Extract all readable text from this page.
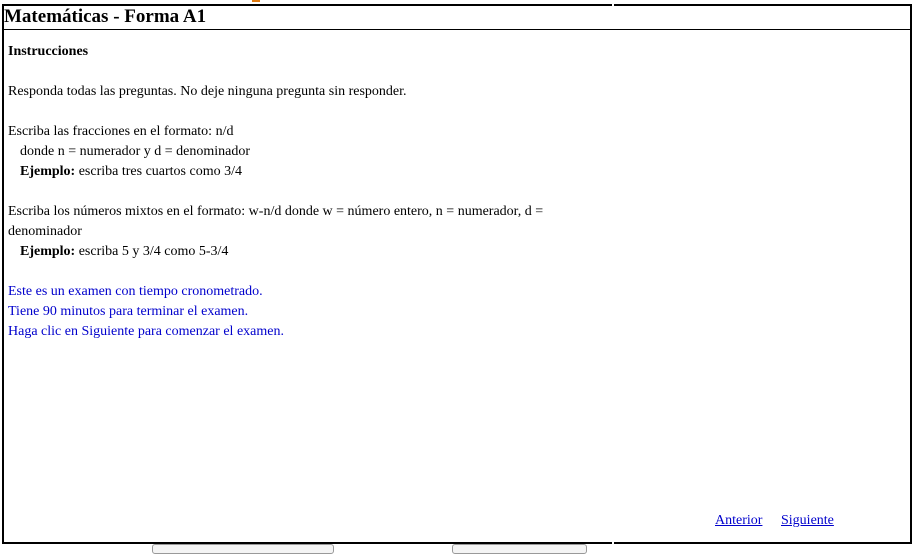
Matemáticas - Forma A1

Instrucciones

Responda todas las preguntas. No deje ninguna pregunta sin responder.

Escriba las fracciones en el formato: n/d
donde n = numerador y d = denominador
Ejemplo: escriba tres cuartos como 3/4

Escriba los números mixtos en el formato: w-n/d donde w = número entero, n = numerador, d = denominador
Ejemplo: escriba 5 y 3/4 como 5-3/4

Este es un examen con tiempo cronometrado.
Tiene 90 minutos para terminar el examen.
Haga clic en Siguiente para comenzar el examen.

Anterior Siguiente
